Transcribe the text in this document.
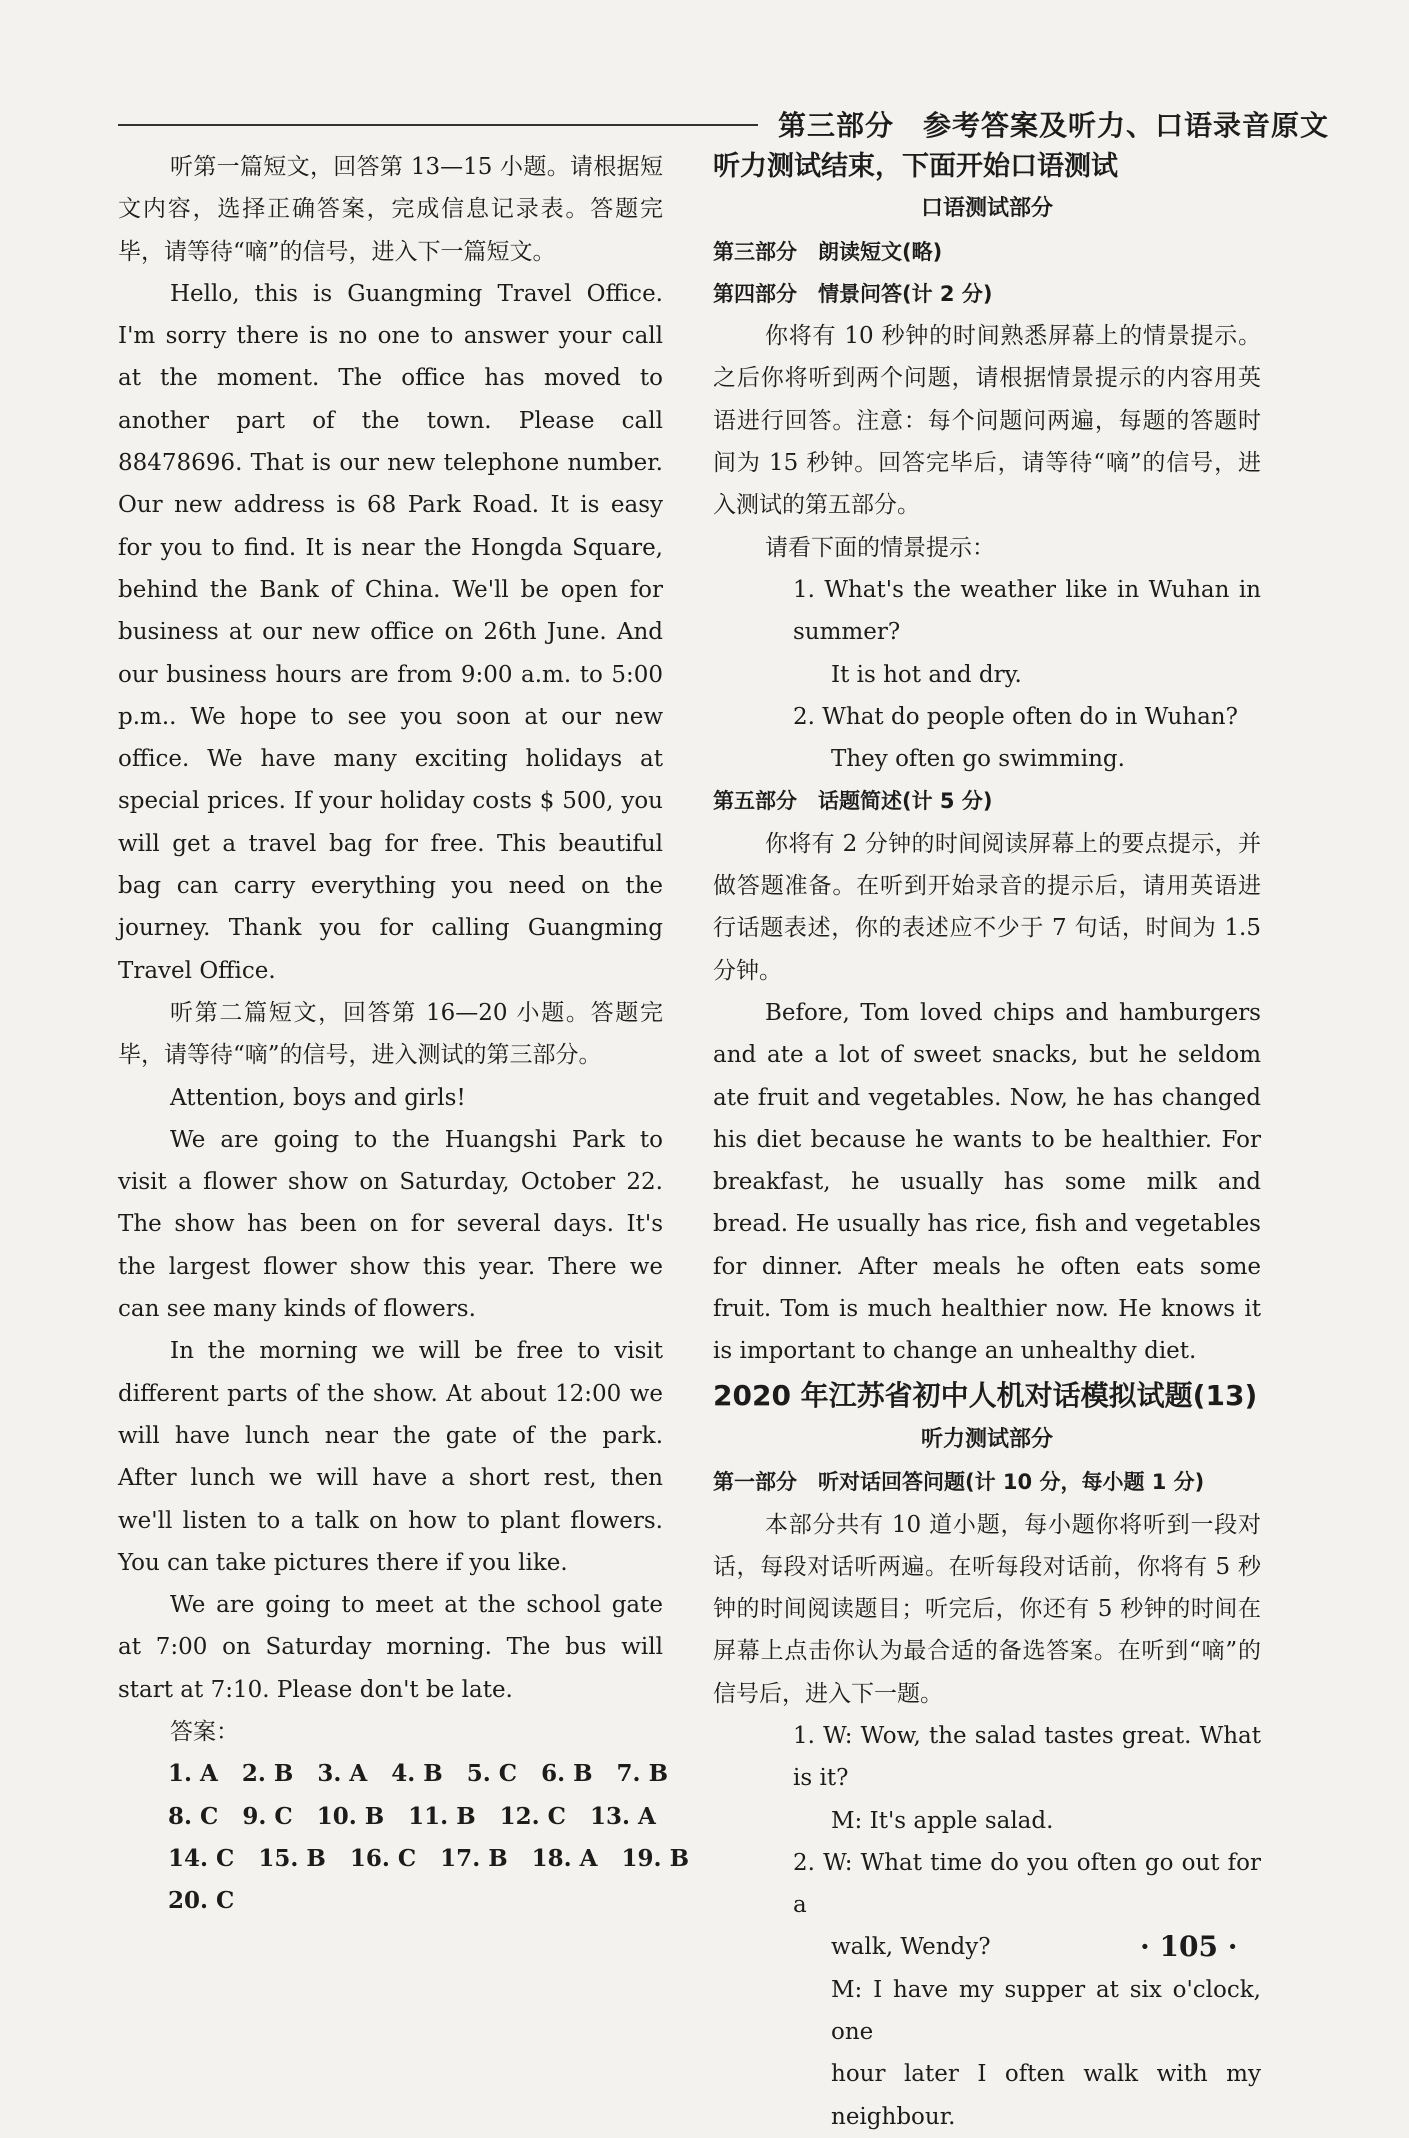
第三部分　参考答案及听力、口语录音原文

听第一篇短文，回答第 13—15 小题。请根据短文内容，选择正确答案，完成信息记录表。答题完毕，请等待“嘀”的信号，进入下一篇短文。

Hello, this is Guangming Travel Office. I'm sorry there is no one to answer your call at the moment. The office has moved to another part of the town. Please call 88478696. That is our new telephone number. Our new address is 68 Park Road. It is easy for you to find. It is near the Hongda Square, behind the Bank of China. We'll be open for business at our new office on 26th June. And our business hours are from 9:00 a.m. to 5:00 p.m.. We hope to see you soon at our new office. We have many exciting holidays at special prices. If your holiday costs $ 500, you will get a travel bag for free. This beautiful bag can carry everything you need on the journey. Thank you for calling Guangming Travel Office.

听第二篇短文，回答第 16—20 小题。答题完毕，请等待“嘀”的信号，进入测试的第三部分。

Attention, boys and girls!

We are going to the Huangshi Park to visit a flower show on Saturday, October 22. The show has been on for several days. It's the largest flower show this year. There we can see many kinds of flowers.

In the morning we will be free to visit different parts of the show. At about 12:00 we will have lunch near the gate of the park. After lunch we will have a short rest, then we'll listen to a talk on how to plant flowers. You can take pictures there if you like.

We are going to meet at the school gate at 7:00 on Saturday morning. The bus will start at 7:10. Please don't be late.

答案：

1. A   2. B   3. A   4. B   5. C   6. B   7. B

8. C   9. C   10. B   11. B   12. C   13. A

14. C   15. B   16. C   17. B   18. A   19. B

20. C

听力测试结束，下面开始口语测试

口语测试部分

第三部分　朗读短文(略)

第四部分　情景问答(计 2 分)

你将有 10 秒钟的时间熟悉屏幕上的情景提示。之后你将听到两个问题，请根据情景提示的内容用英语进行回答。注意：每个问题问两遍，每题的答题时间为 15 秒钟。回答完毕后，请等待“嘀”的信号，进入测试的第五部分。

请看下面的情景提示：

1. What's the weather like in Wuhan in summer?

It is hot and dry.

2. What do people often do in Wuhan?

They often go swimming.

第五部分　话题简述(计 5 分)

你将有 2 分钟的时间阅读屏幕上的要点提示，并做答题准备。在听到开始录音的提示后，请用英语进行话题表述，你的表述应不少于 7 句话，时间为 1.5 分钟。

Before, Tom loved chips and hamburgers and ate a lot of sweet snacks, but he seldom ate fruit and vegetables. Now, he has changed his diet because he wants to be healthier. For breakfast, he usually has some milk and bread. He usually has rice, fish and vegetables for dinner. After meals he often eats some fruit. Tom is much healthier now. He knows it is important to change an unhealthy diet.

2020 年江苏省初中人机对话模拟试题(13)

听力测试部分

第一部分　听对话回答问题(计 10 分，每小题 1 分)

本部分共有 10 道小题，每小题你将听到一段对话，每段对话听两遍。在听每段对话前，你将有 5 秒钟的时间阅读题目；听完后，你还有 5 秒钟的时间在屏幕上点击你认为最合适的备选答案。在听到“嘀”的信号后，进入下一题。

1. W: Wow, the salad tastes great. What is it?

M: It's apple salad.

2. W: What time do you often go out for a

walk, Wendy?

M: I have my supper at six o'clock, one

hour later I often walk with my neighbour.

· 105 ·
